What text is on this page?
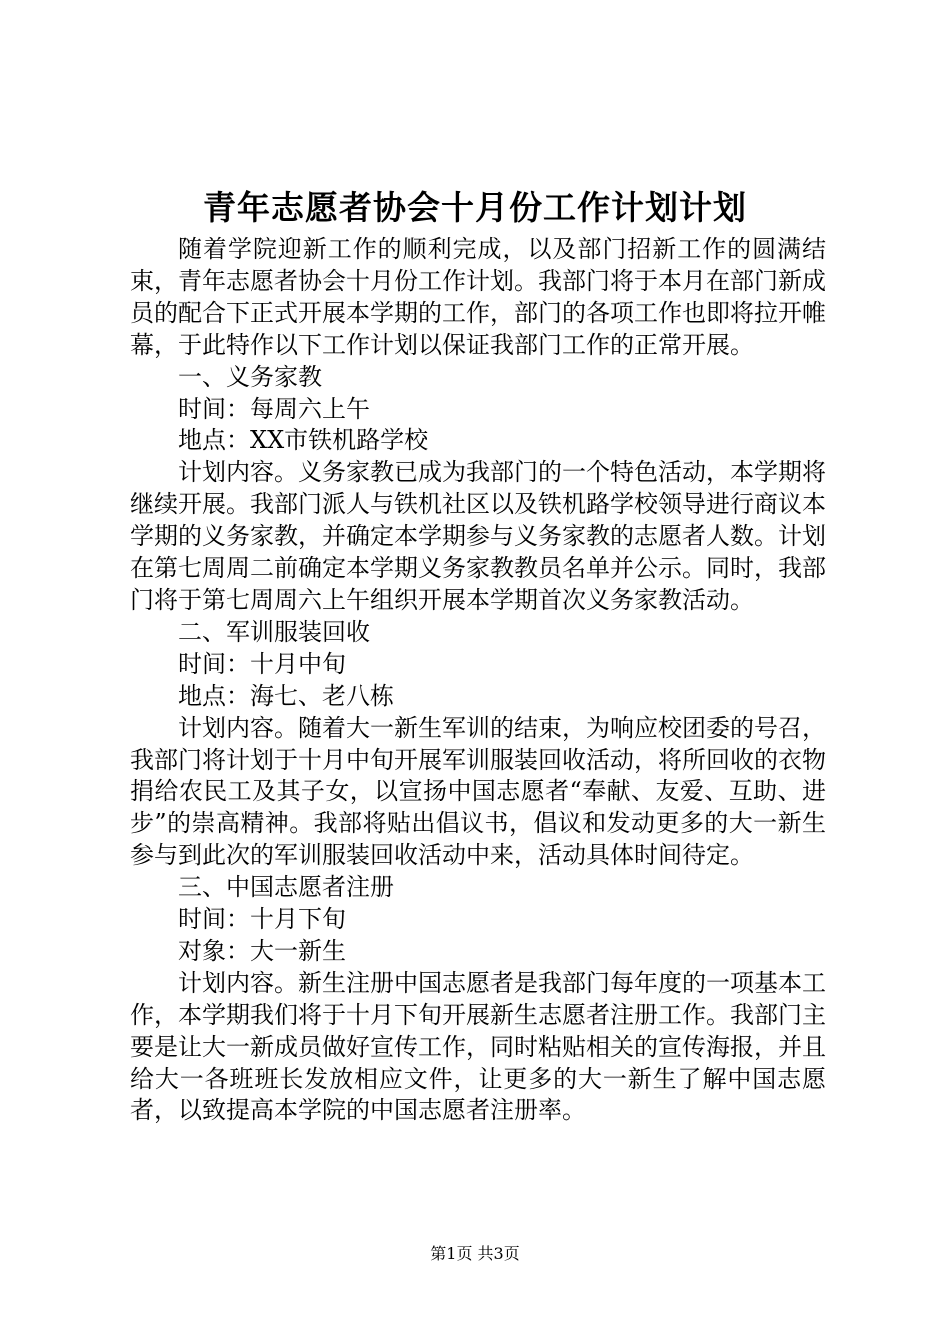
青年志愿者协会十月份工作计划计划

随着学院迎新工作的顺利完成，以及部门招新工作的圆满结束，青年志愿者协会十月份工作计划。我部门将于本月在部门新成员的配合下正式开展本学期的工作，部门的各项工作也即将拉开帷幕，于此特作以下工作计划以保证我部门工作的正常开展。

一、义务家教

时间：每周六上午

地点：XX市铁机路学校

计划内容。义务家教已成为我部门的一个特色活动，本学期将继续开展。我部门派人与铁机社区以及铁机路学校领导进行商议本学期的义务家教，并确定本学期参与义务家教的志愿者人数。计划在第七周周二前确定本学期义务家教教员名单并公示。同时，我部门将于第七周周六上午组织开展本学期首次义务家教活动。

二、军训服装回收

时间：十月中旬

地点：海七、老八栋

计划内容。随着大一新生军训的结束，为响应校团委的号召，我部门将计划于十月中旬开展军训服装回收活动，将所回收的衣物捐给农民工及其子女，以宣扬中国志愿者“奉献、友爱、互助、进步”的崇高精神。我部将贴出倡议书，倡议和发动更多的大一新生参与到此次的军训服装回收活动中来，活动具体时间待定。

三、中国志愿者注册

时间：十月下旬

对象：大一新生

计划内容。新生注册中国志愿者是我部门每年度的一项基本工作，本学期我们将于十月下旬开展新生志愿者注册工作。我部门主要是让大一新成员做好宣传工作，同时粘贴相关的宣传海报，并且给大一各班班长发放相应文件，让更多的大一新生了解中国志愿者，以致提高本学院的中国志愿者注册率。

第1页 共3页
